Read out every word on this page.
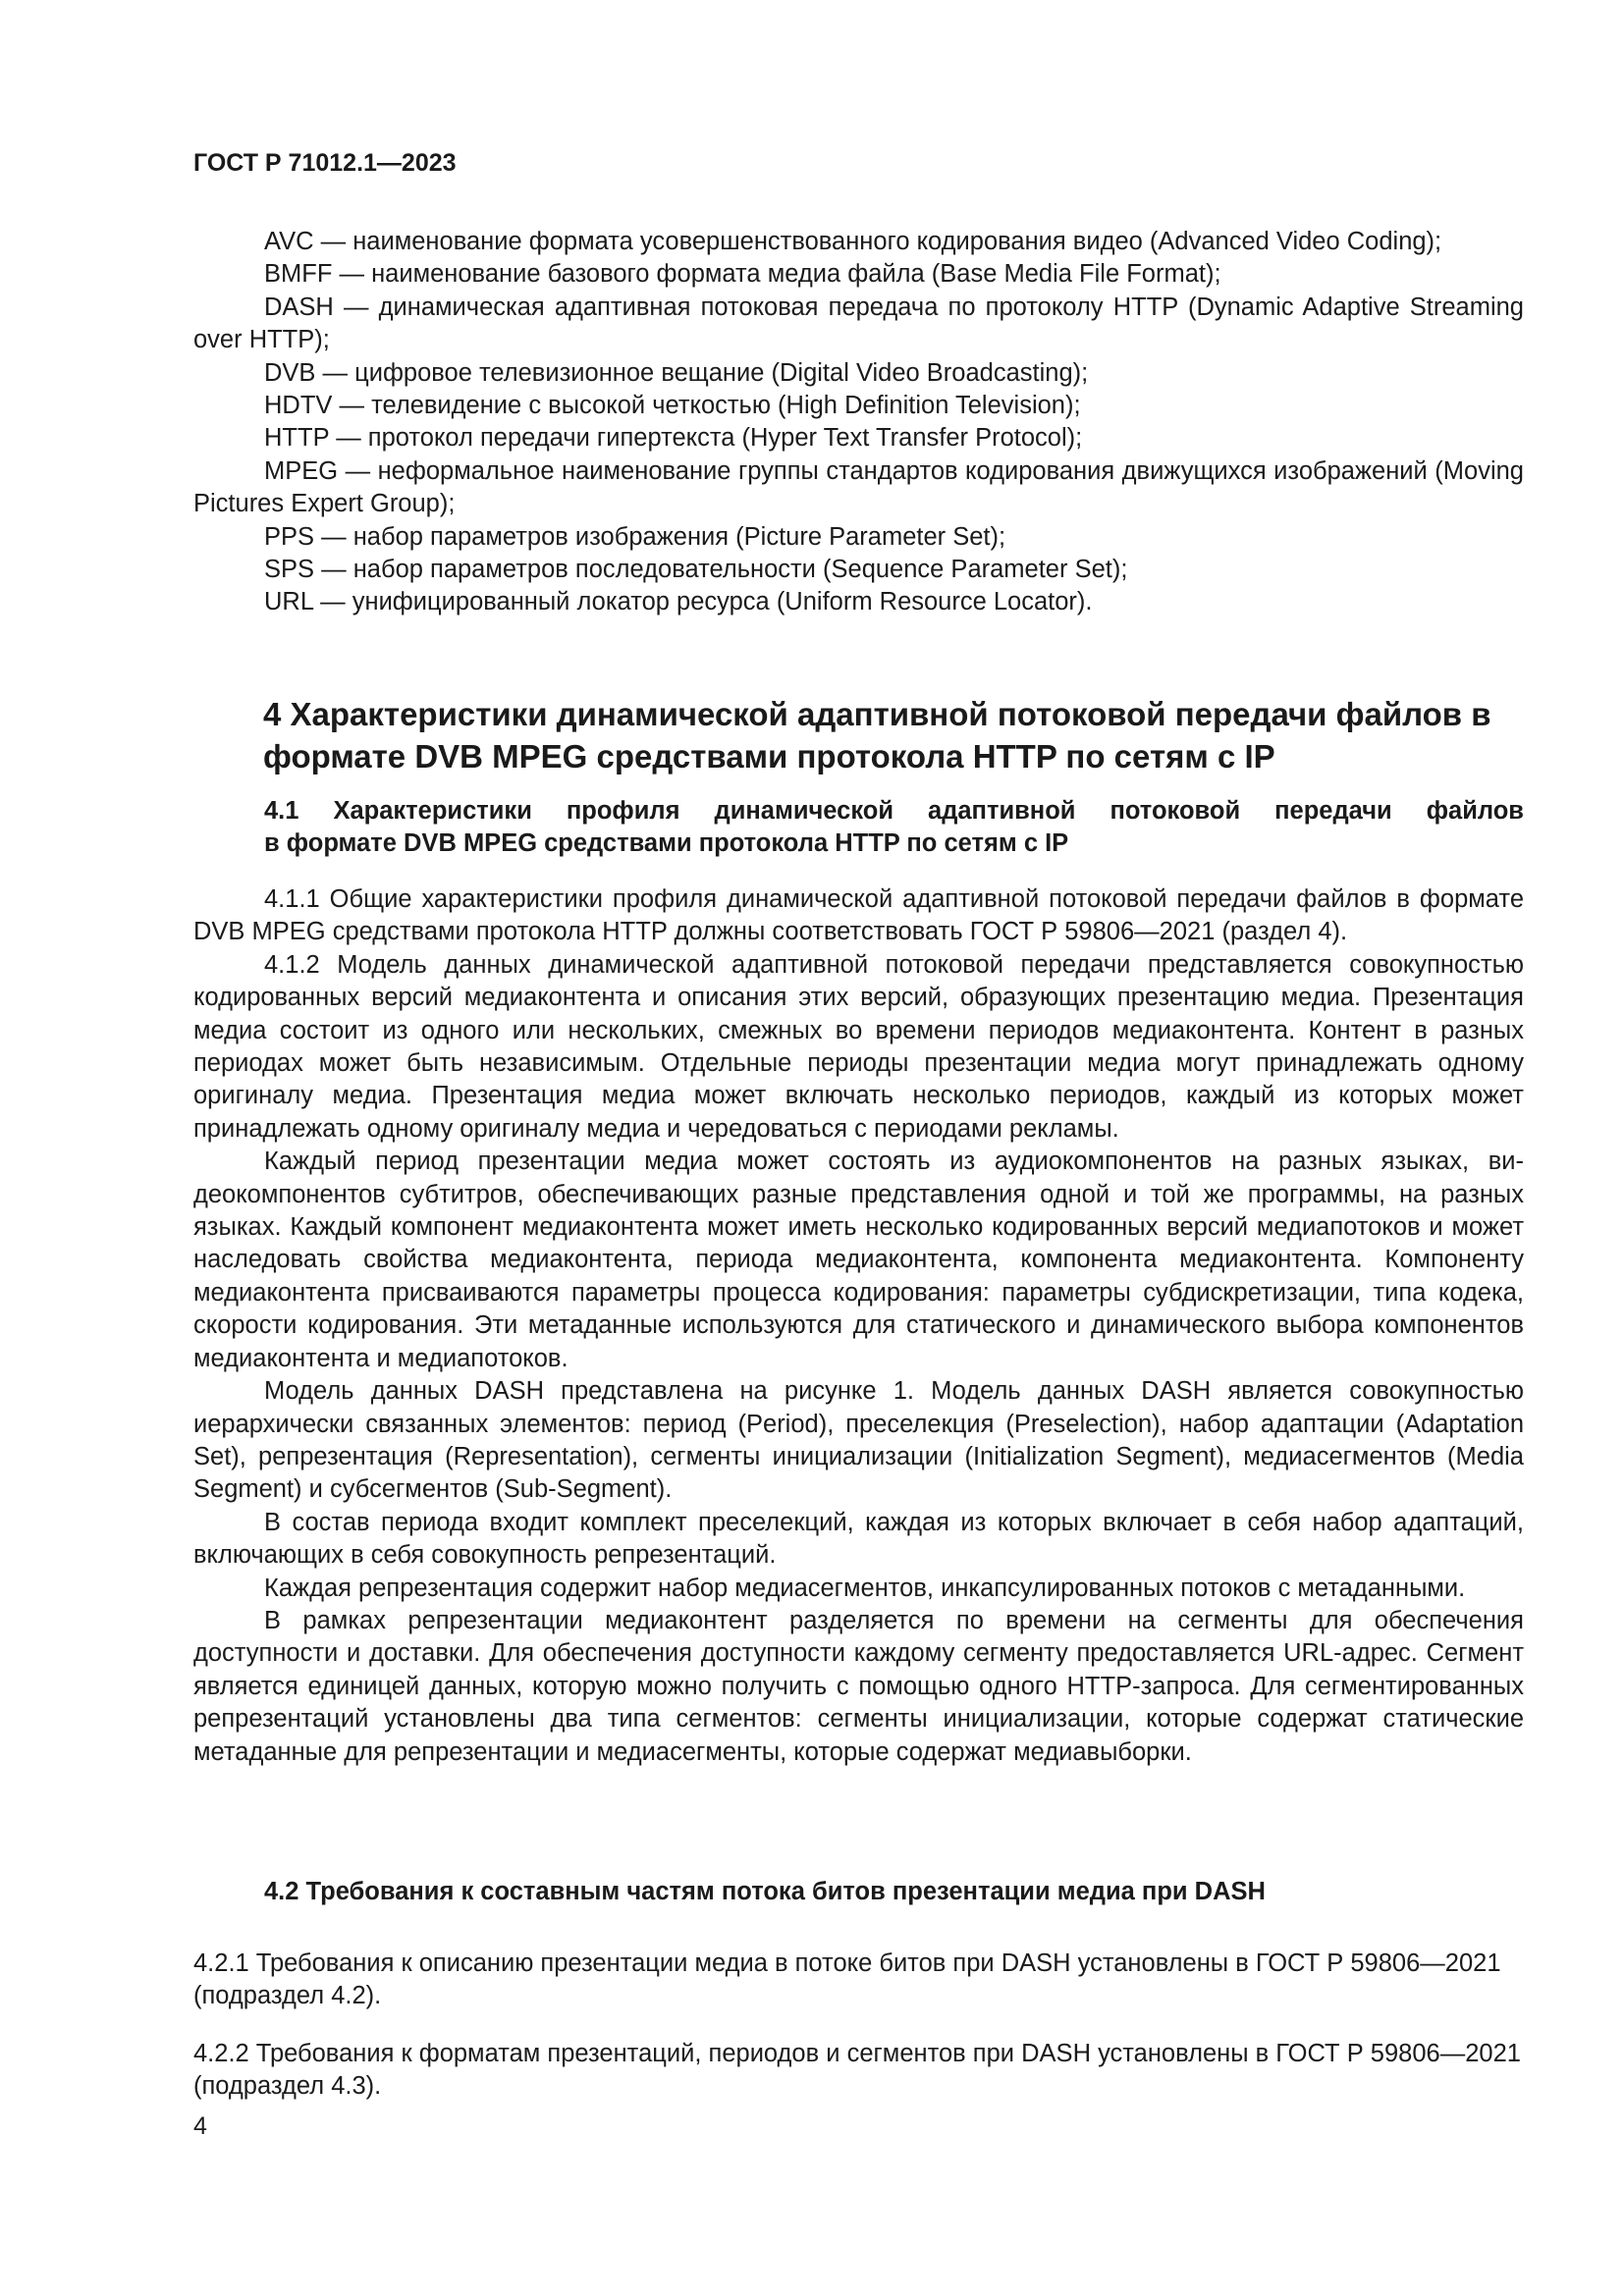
ГОСТ Р 71012.1—2023

AVC — наименование формата усовершенствованного кодирования видео (Advanced Video Coding);

BMFF — наименование базового формата медиа файла (Base Media File Format);

DASH — динамическая адаптивная потоковая передача по протоколу HTTP (Dynamic Adaptive Streaming over HTTP);

DVB — цифровое телевизионное вещание (Digital Video Broadcasting);

HDTV — телевидение с высокой четкостью (High Definition Television);

HTTP — протокол передачи гипертекста (Hyper Text Transfer Protocol);

MPEG — неформальное наименование группы стандартов кодирования движущихся изображений (Moving Pictures Expert Group);

PPS — набор параметров изображения (Picture Parameter Set);

SPS — набор параметров последовательности (Sequence Parameter Set);

URL — унифицированный локатор ресурса (Uniform Resource Locator).

4 Характеристики динамической адаптивной потоковой передачи файлов в формате DVB MPEG средствами протокола HTTP по сетям с IP
4.1 Характеристики профиля динамической адаптивной потоковой передачи файлов
в формате DVB MPEG средствами протокола HTTP по сетям с IP

4.1.1 Общие характеристики профиля динамической адаптивной потоковой передачи файлов в формате DVB MPEG средствами протокола HTTP должны соответствовать ГОСТ Р 59806—2021 (раздел 4).

4.1.2 Модель данных динамической адаптивной потоковой передачи представляется совокупностью кодированных версий медиаконтента и описания этих версий, образующих презентацию медиа. Презентация медиа состоит из одного или нескольких, смежных во времени периодов медиаконтента. Контент в разных периодах может быть независимым. Отдельные периоды презентации медиа могут принадлежать одному оригиналу медиа. Презентация медиа может включать несколько периодов, каждый из которых может принадлежать одному оригиналу медиа и чередоваться с периодами рекламы.

Каждый период презентации медиа может состоять из аудиокомпонентов на разных языках, видеокомпонентов субтитров, обеспечивающих разные представления одной и той же программы, на разных языках. Каждый компонент медиаконтента может иметь несколько кодированных версий медиапотоков и может наследовать свойства медиаконтента, периода медиаконтента, компонента медиаконтента. Компоненту медиаконтента присваиваются параметры процесса кодирования: параметры субдискретизации, типа кодека, скорости кодирования. Эти метаданные используются для статического и динамического выбора компонентов медиаконтента и медиапотоков.

Модель данных DASH представлена на рисунке 1. Модель данных DASH является совокупностью иерархически связанных элементов: период (Period), преселекция (Preselection), набор адаптации (Adaptation Set), репрезентация (Representation), сегменты инициализации (Initialization Segment), медиасегментов (Media Segment) и субсегментов (Sub-Segment).

В состав периода входит комплект преселекций, каждая из которых включает в себя набор адаптаций, включающих в себя совокупность репрезентаций.

Каждая репрезентация содержит набор медиасегментов, инкапсулированных потоков с метаданными.

В рамках репрезентации медиаконтент разделяется по времени на сегменты для обеспечения доступности и доставки. Для обеспечения доступности каждому сегменту предоставляется URL-адрес. Сегмент является единицей данных, которую можно получить с помощью одного HTTP-запроса. Для сегментированных репрезентаций установлены два типа сегментов: сегменты инициализации, которые содержат статические метаданные для репрезентации и медиасегменты, которые содержат медиавыборки.

4.2 Требования к составным частям потока битов презентации медиа при DASH

4.2.1 Требования к описанию презентации медиа в потоке битов при DASH установлены в ГОСТ Р 59806—2021 (подраздел 4.2).

4.2.2 Требования к форматам презентаций, периодов и сегментов при DASH установлены в ГОСТ Р 59806—2021 (подраздел 4.3).

4
